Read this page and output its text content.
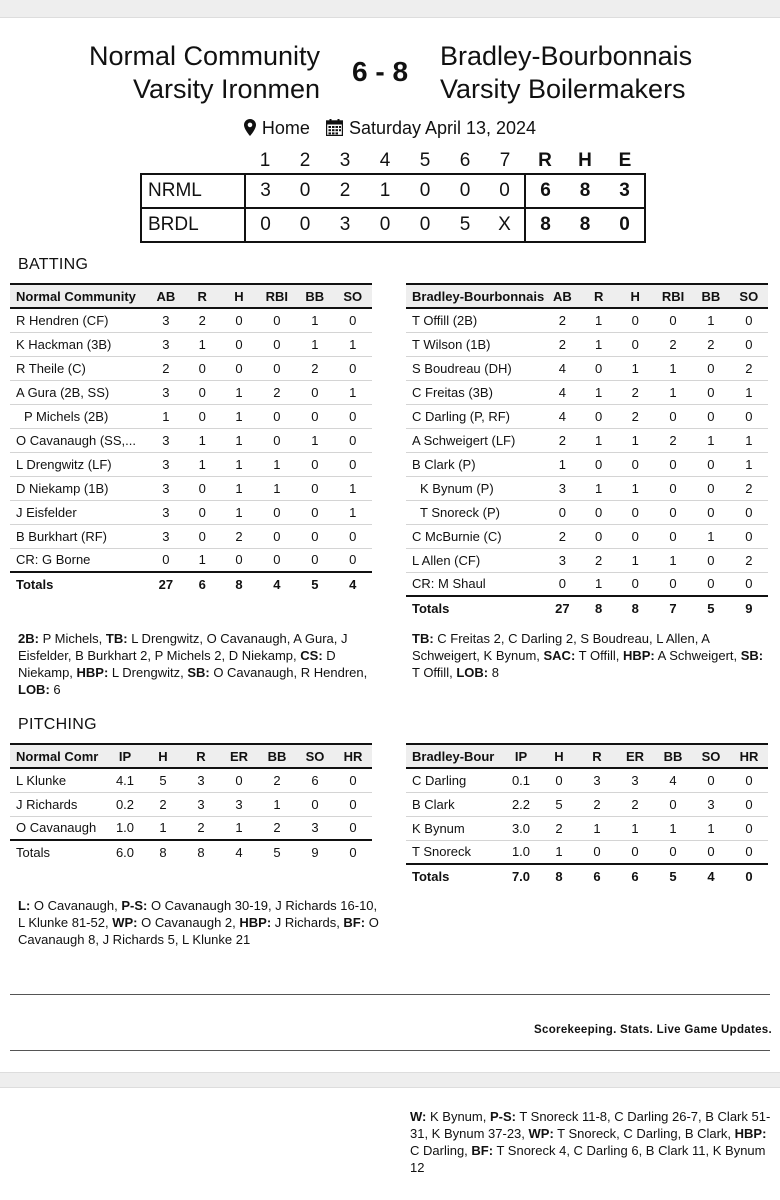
Normal Community
Varsity Ironmen
6 - 8	Bradley-Bourbonnais
Varsity Boilermakers
Home Saturday April 13, 2024
	1	2	3	4	5	6	7	R	H	E
NRML	3	0	2	1	0	0	0	6	8	3
BRDL	0	0	3	0	0	5	X	8	8	0
BATTING
Normal Community	AB	R	H	RBI	BB	SO
R Hendren (CF)	3	2	0	0	1	0
K Hackman (3B)	3	1	0	0	1	1
R Theile (C)	2	0	0	0	2	0
A Gura (2B, SS)	3	0	1	2	0	1
P Michels (2B)	1	0	1	0	0	0
O Cavanaugh (SS,...	3	1	1	0	1	0
L Drengwitz (LF)	3	1	1	1	0	0
D Niekamp (1B)	3	0	1	1	0	1
J Eisfelder	3	0	1	0	0	1
B Burkhart (RF)	3	0	2	0	0	0
CR: G Borne	0	1	0	0	0	0
Totals	27	6	8	4	5	4
Bradley-Bourbonnais	AB	R	H	RBI	BB	SO
T Offill (2B)	2	1	0	0	1	0
T Wilson (1B)	2	1	0	2	2	0
S Boudreau (DH)	4	0	1	1	0	2
C Freitas (3B)	4	1	2	1	0	1
C Darling (P, RF)	4	0	2	0	0	0
A Schweigert (LF)	2	1	1	2	1	1
B Clark (P)	1	0	0	0	0	1
K Bynum (P)	3	1	1	0	0	2
T Snoreck (P)	0	0	0	0	0	0
C McBurnie (C)	2	0	0	0	1	0
L Allen (CF)	3	2	1	1	0	2
CR: M Shaul	0	1	0	0	0	0
Totals	27	8	8	7	5	9
2B: P Michels, TB: L Drengwitz, O Cavanaugh, A Gura, J Eisfelder, B Burkhart 2, P Michels 2, D Niekamp, CS: D Niekamp, HBP: L Drengwitz, SB: O Cavanaugh, R Hendren, LOB: 6
TB: C Freitas 2, C Darling 2, S Boudreau, L Allen, A Schweigert, K Bynum, SAC: T Offill, HBP: A Schweigert, SB: T Offill, LOB: 8
PITCHING
Normal Comr	IP	H	R	ER	BB	SO	HR
L Klunke	4.1	5	3	0	2	6	0
J Richards	0.2	2	3	3	1	0	0
O Cavanaugh	1.0	1	2	1	2	3	0
Totals	6.0	8	8	4	5	9	0
Bradley-Bour	IP	H	R	ER	BB	SO	HR
C Darling	0.1	0	3	3	4	0	0
B Clark	2.2	5	2	2	0	3	0
K Bynum	3.0	2	1	1	1	1	0
T Snoreck	1.0	1	0	0	0	0	0
Totals	7.0	8	6	6	5	4	0
L: O Cavanaugh, P-S: O Cavanaugh 30-19, J Richards 16-10, L Klunke 81-52, WP: O Cavanaugh 2, HBP: J Richards, BF: O Cavanaugh 8, J Richards 5, L Klunke 21
Scorekeeping. Stats. Live Game Updates.
W: K Bynum, P-S: T Snoreck 11-8, C Darling 26-7, B Clark 51-31, K Bynum 37-23, WP: T Snoreck, C Darling, B Clark, HBP: C Darling, BF: T Snoreck 4, C Darling 6, B Clark 11, K Bynum 12
